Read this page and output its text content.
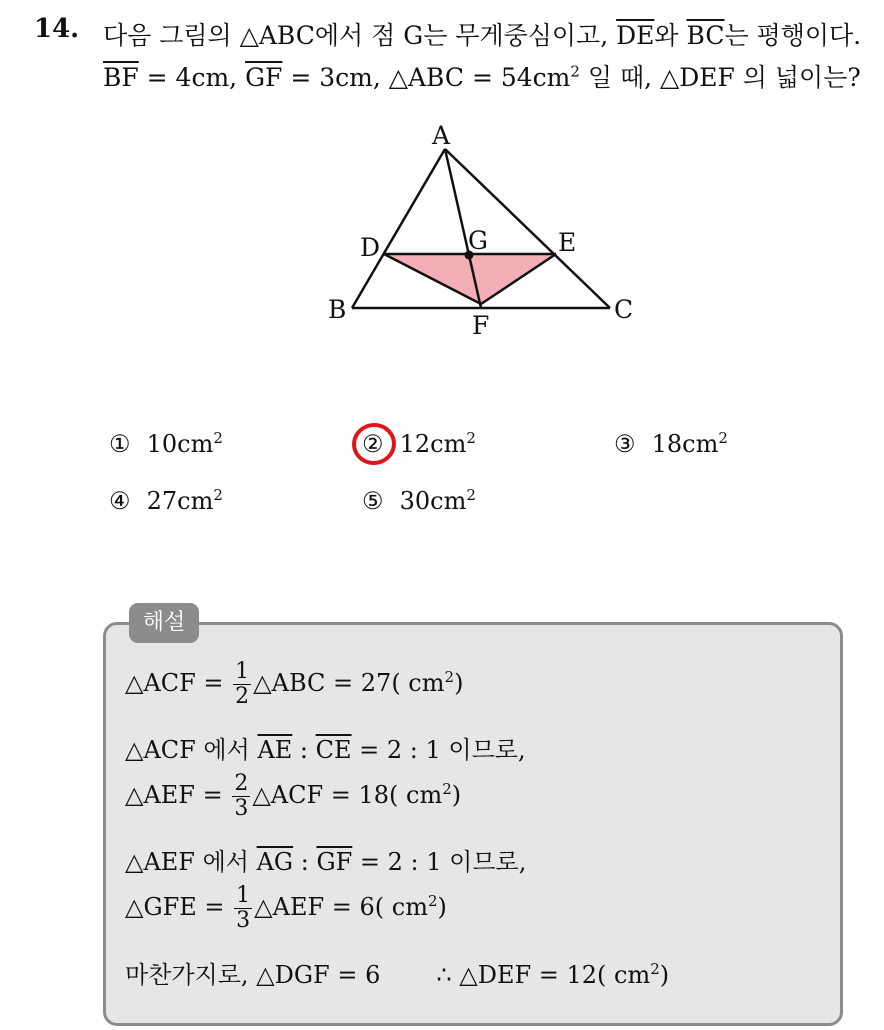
14. 다음 그림의 △ABC에서 점 G는 무게중심이고, $\overline{DE}$와 $\overline{BC}$는 평행이다.
$\overline{BF} = 4cm$, $\overline{GF} = 3cm$, △ABC = $54cm^2$ 일 때, △DEF 의 넓이는?
A
B	C
D	E
F
G
① $10cm^2$	② $12cm^2$	③ $18cm^2$
④ $27cm^2$	⑤ $30cm^2$
해설
△ACF = $\frac{1}{2}$ △ABC = 27( $cm^2$)
△ACF 에서 $\overline{AE}$ : $\overline{CE} = 2$ : 1 이므로,
△AEF = $\frac{2}{3}$ △ACF = 18( $cm^2$)
△AEF 에서 $\overline{AG}$ : $\overline{GF} = 2$ : 1 이므로,
△GFE = $\frac{1}{3}$ △AEF = 6( $cm^2$)
마찬가지로, △DGF = 6 ∴ △DEF = 12( $cm^2$)
